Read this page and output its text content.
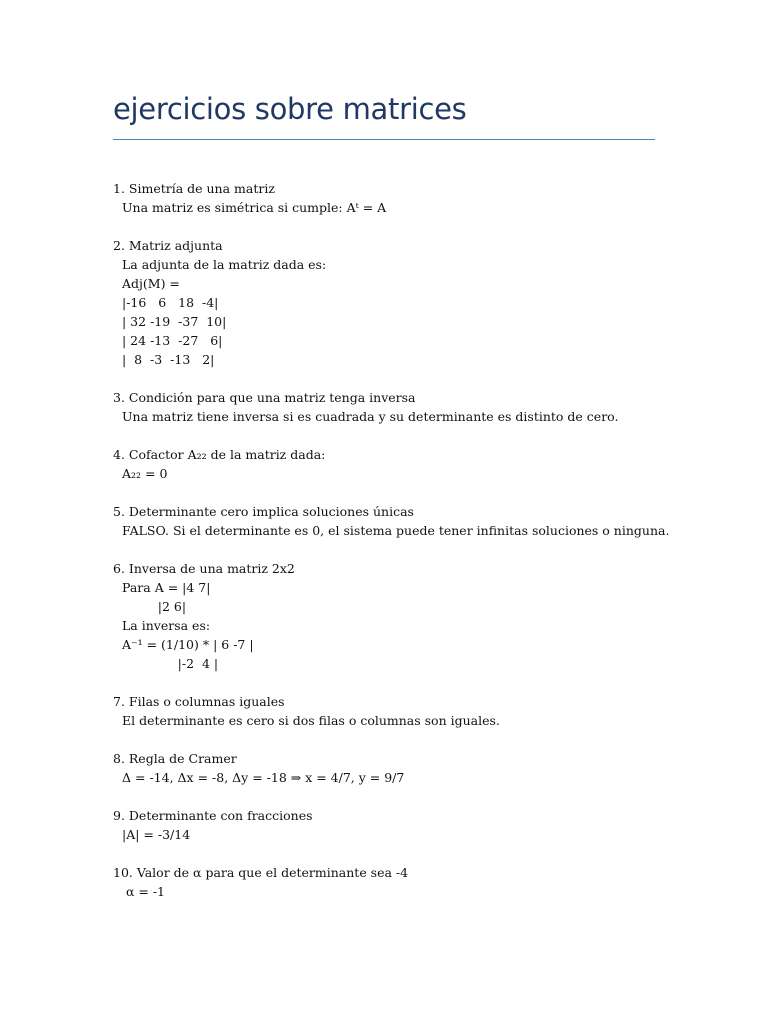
ejercicios sobre matrices
1. Simetría de una matriz
Una matriz es simétrica si cumple: Aᵗ = A
2. Matriz adjunta
La adjunta de la matriz dada es:
Adj(M) =
|-16   6   18  -4|
| 32 -19  -37  10|
| 24 -13  -27   6|
|  8  -3  -13   2|
3. Condición para que una matriz tenga inversa
Una matriz tiene inversa si es cuadrada y su determinante es distinto de cero.
4. Cofactor A₂₂ de la matriz dada:
A₂₂ = 0
5. Determinante cero implica soluciones únicas
FALSO. Si el determinante es 0, el sistema puede tener infinitas soluciones o ninguna.
6. Inversa de una matriz 2x2
Para A = |4 7|
|2 6|
La inversa es:
A⁻¹ = (1/10) * | 6 -7 |
|-2  4 |
7. Filas o columnas iguales
El determinante es cero si dos filas o columnas son iguales.
8. Regla de Cramer
Δ = -14, Δx = -8, Δy = -18 ⇒ x = 4/7, y = 9/7
9. Determinante con fracciones
|A| = -3/14
10. Valor de α para que el determinante sea -4
α = -1
